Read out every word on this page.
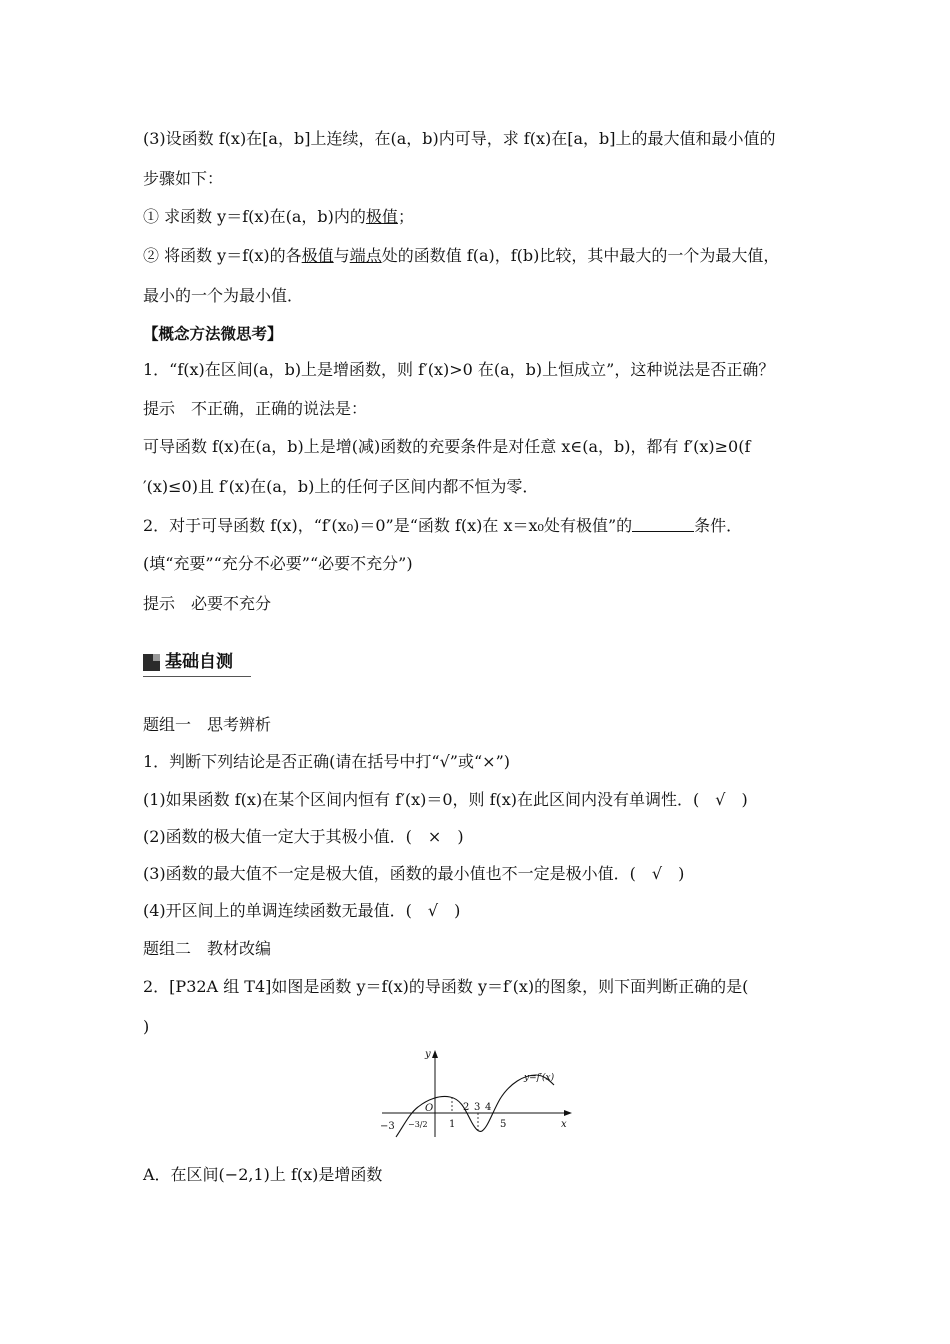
(3)设函数 f(x)在[a，b]上连续，在(a，b)内可导，求 f(x)在[a，b]上的最大值和最小值的
步骤如下：
① 求函数 y＝f(x)在(a，b)内的极值；
② 将函数 y＝f(x)的各极值与端点处的函数值 f(a)，f(b)比较，其中最大的一个为最大值，
最小的一个为最小值．
【概念方法微思考】
1．“f(x)在区间(a，b)上是增函数，则 f′(x)>0 在(a，b)上恒成立”，这种说法是否正确？
提示　不正确，正确的说法是：
可导函数 f(x)在(a，b)上是增(减)函数的充要条件是对任意 x∈(a，b)，都有 f′(x)≥0(f
′(x)≤0)且 f′(x)在(a，b)上的任何子区间内都不恒为零．
2．对于可导函数 f(x)，“f′(x₀)＝0”是“函数 f(x)在 x＝x₀处有极值”的	条件．
(填“充要”“充分不必要”“必要不充分”)
提示　必要不充分
基础自测
题组一　思考辨析
1．判断下列结论是否正确(请在括号中打“√”或“×”)
(1)如果函数 f(x)在某个区间内恒有 f′(x)＝0，则 f(x)在此区间内没有单调性．(　√　)
(2)函数的极大值一定大于其极小值．(　×　)
(3)函数的最大值不一定是极大值，函数的最小值也不一定是极小值．(　√　)
(4)开区间上的单调连续函数无最值．(　√　)
题组二　教材改编
2．[P32A 组 T4]如图是函数 y＝f(x)的导函数 y＝f′(x)的图象，则下面判断正确的是(
)
y
x
O
y=f′(x)
−3 −3/2 1
2 3 4
5
A．在区间(−2,1)上 f(x)是增函数
